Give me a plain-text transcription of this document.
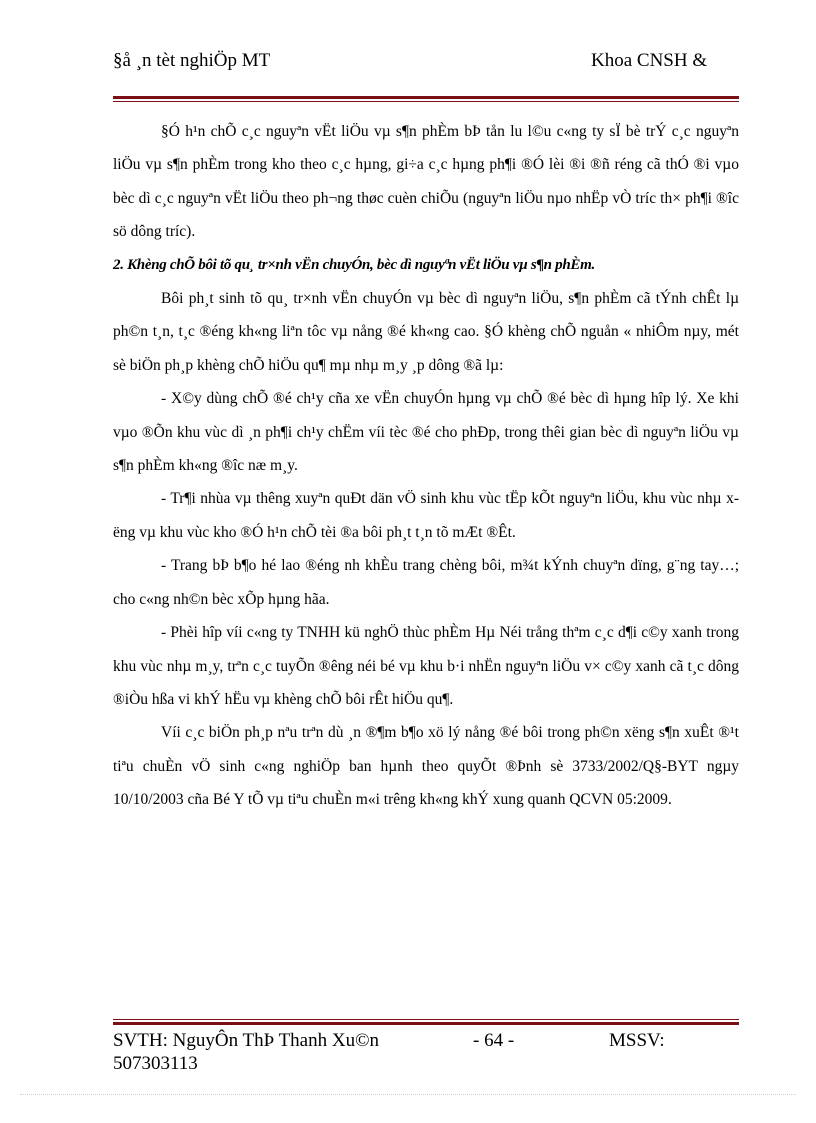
§å ¸n tèt nghiÖp MT	Khoa CNSH &

§Ó h¹n chÕ c¸c nguyªn vËt liÖu vµ s¶n phÈm bÞ tån lu l©u c«ng ty sÏ bè trÝ c¸c nguyªn liÖu vµ s¶n phÈm trong kho theo c¸c hµng, gi÷a c¸c hµng ph¶i ®Ó lèi ®i ®ñ réng cã thÓ ®i vµo bèc dì c¸c nguyªn vËt liÖu theo ph¬ng thøc cuèn chiÕu (nguyªn liÖu nµo nhËp vÒ tríc th× ph¶i ®îc sö dông tríc).

2. Khèng chÕ bôi tõ qu¸ tr×nh vËn chuyÓn, bèc dì nguyªn vËt liÖu vµ s¶n phÈm.

Bôi ph¸t sinh tõ qu¸ tr×nh vËn chuyÓn vµ bèc dì nguyªn liÖu, s¶n phÈm cã tÝnh chÊt lµ ph©n t¸n, t¸c ®éng kh«ng liªn tôc vµ nång ®é kh«ng cao. §Ó khèng chÕ nguån « nhiÔm nµy, mét sè biÖn ph¸p khèng chÕ hiÖu qu¶ mµ nhµ m¸y ¸p dông ®ã lµ:

- X©y dùng chÕ ®é ch¹y cña xe vËn chuyÓn hµng vµ chÕ ®é bèc dì hµng hîp lý. Xe khi vµo ®Õn khu vùc dì ¸n ph¶i ch¹y chËm víi tèc ®é cho phÐp, trong thêi gian bèc dì nguyªn liÖu vµ s¶n phÈm kh«ng ®îc næ m¸y.

- Tr¶i nhùa vµ thêng xuyªn quÐt dän vÖ sinh khu vùc tËp kÕt nguyªn liÖu, khu vùc nhµ xëng vµ khu vùc kho ®Ó h¹n chÕ tèi ®a bôi ph¸t t¸n tõ mÆt ®Êt.

- Trang bÞ b¶o hé lao ®éng nh khÈu trang chèng bôi, m¾t kÝnh chuyªn dïng, g¨ng tay…; cho c«ng nh©n bèc xÕp hµng hãa.

- Phèi hîp víi c«ng ty TNHH kü nghÖ thùc phÈm Hµ Néi trång thªm c¸c d¶i c©y xanh trong khu vùc nhµ m¸y, trªn c¸c tuyÕn ®êng néi bé vµ khu b·i nhËn nguyªn liÖu v× c©y xanh cã t¸c dông ®iÒu hßa vi khÝ hËu vµ khèng chÕ bôi rÊt hiÖu qu¶.

Víi c¸c biÖn ph¸p nªu trªn dù ¸n ®¶m b¶o xö lý nång ®é bôi trong ph©n xëng s¶n xuÊt ®¹t tiªu chuÈn vÖ sinh c«ng nghiÖp ban hµnh theo quyÕt ®Þnh sè 3733/2002/Q§-BYT ngµy 10/10/2003 cña Bé Y tÕ vµ tiªu chuÈn m«i trêng kh«ng khÝ xung quanh QCVN 05:2009.

SVTH: NguyÔn ThÞ Thanh Xu©n
507303113
- 64 -	MSSV:
